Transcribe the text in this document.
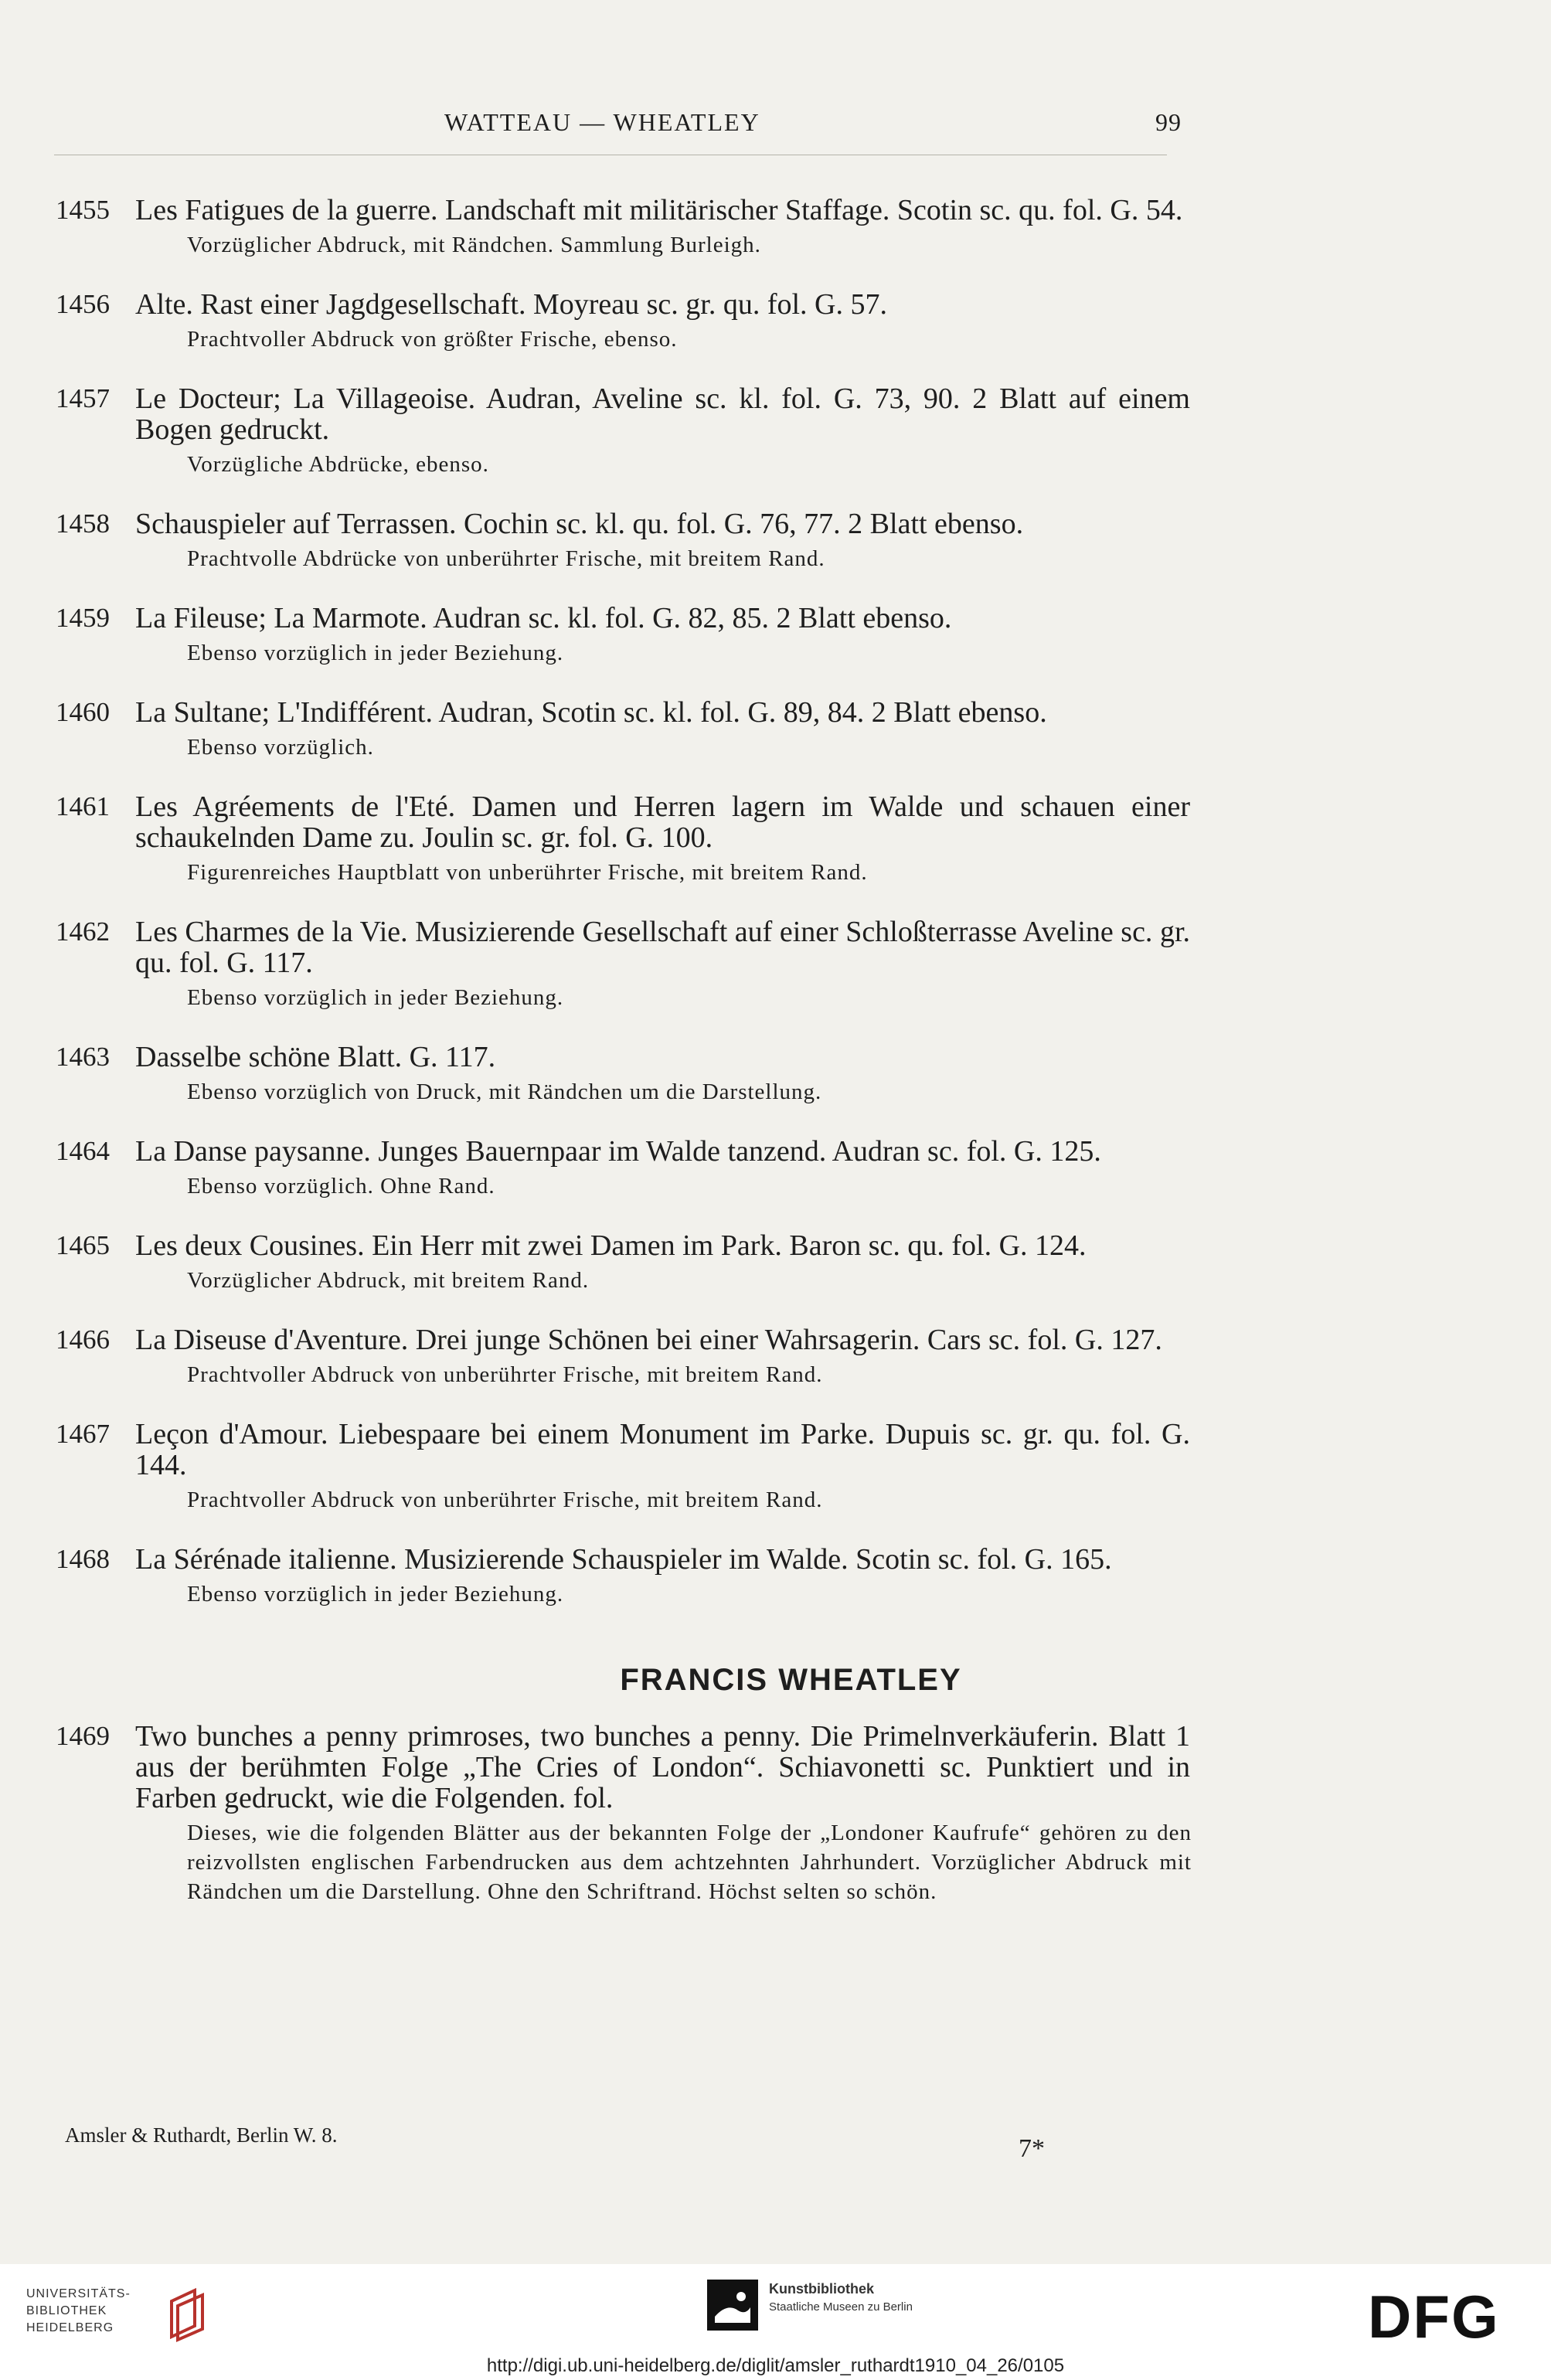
WATTEAU — WHEATLEY	99
1455 Les Fatigues de la guerre. Landschaft mit militärischer Staffage. Scotin sc. qu. fol. G. 54.
Vorzüglicher Abdruck, mit Rändchen. Sammlung Burleigh.
1456 Alte. Rast einer Jagdgesellschaft. Moyreau sc. gr. qu. fol. G. 57.
Prachtvoller Abdruck von größter Frische, ebenso.
1457 Le Docteur; La Villageoise. Audran, Aveline sc. kl. fol. G. 73, 90. 2 Blatt auf einem Bogen gedruckt.
Vorzügliche Abdrücke, ebenso.
1458 Schauspieler auf Terrassen. Cochin sc. kl. qu. fol. G. 76, 77. 2 Blatt ebenso.
Prachtvolle Abdrücke von unberührter Frische, mit breitem Rand.
1459 La Fileuse; La Marmote. Audran sc. kl. fol. G. 82, 85. 2 Blatt ebenso.
Ebenso vorzüglich in jeder Beziehung.
1460 La Sultane; L'Indifférent. Audran, Scotin sc. kl. fol. G. 89, 84. 2 Blatt ebenso.
Ebenso vorzüglich.
1461 Les Agréements de l'Eté. Damen und Herren lagern im Walde und schauen einer schaukelnden Dame zu. Joulin sc. gr. fol. G. 100.
Figurenreiches Hauptblatt von unberührter Frische, mit breitem Rand.
1462 Les Charmes de la Vie. Musizierende Gesellschaft auf einer Schloßterrasse Aveline sc. gr. qu. fol. G. 117.
Ebenso vorzüglich in jeder Beziehung.
1463 Dasselbe schöne Blatt. G. 117.
Ebenso vorzüglich von Druck, mit Rändchen um die Darstellung.
1464 La Danse paysanne. Junges Bauernpaar im Walde tanzend. Audran sc. fol. G. 125.
Ebenso vorzüglich. Ohne Rand.
1465 Les deux Cousines. Ein Herr mit zwei Damen im Park. Baron sc. qu. fol. G. 124.
Vorzüglicher Abdruck, mit breitem Rand.
1466 La Diseuse d'Aventure. Drei junge Schönen bei einer Wahrsagerin. Cars sc. fol. G. 127.
Prachtvoller Abdruck von unberührter Frische, mit breitem Rand.
1467 Leçon d'Amour. Liebespaare bei einem Monument im Parke. Dupuis sc. gr. qu. fol. G. 144.
Prachtvoller Abdruck von unberührter Frische, mit breitem Rand.
1468 La Sérénade italienne. Musizierende Schauspieler im Walde. Scotin sc. fol. G. 165.
Ebenso vorzüglich in jeder Beziehung.
FRANCIS WHEATLEY
1469 Two bunches a penny primroses, two bunches a penny. Die Primelnverkäuferin. Blatt 1 aus der berühmten Folge „The Cries of London“. Schiavonetti sc. Punktiert und in Farben gedruckt, wie die Folgenden. fol.
Dieses, wie die folgenden Blätter aus der bekannten Folge der „Londoner Kaufrufe“ gehören zu den reizvollsten englischen Farbendrucken aus dem achtzehnten Jahrhundert. Vorzüglicher Abdruck mit Rändchen um die Darstellung. Ohne den Schriftrand. Höchst selten so schön.
Amsler & Ruthardt, Berlin W. 8.	7*
UNIVERSITÄTS-
BIBLIOTHEK
HEIDELBERG
Kunstbibliothek
Staatliche Museen zu Berlin	DFG
http://digi.ub.uni-heidelberg.de/diglit/amsler_ruthardt1910_04_26/0105
